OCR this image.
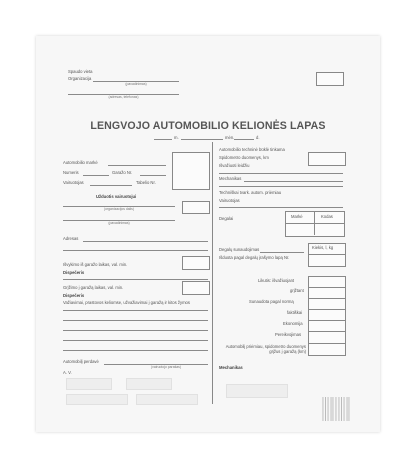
Spaudo vieta
Organizacija
(pavadinimas)
(adresas, telefonas)
LENGVOJO AUTOMOBILIO KELIONĖS LAPAS
m.	mėn.	d.
Automobilio markė
Numeris	Garažo Nr.
Vairuotojas	Tabelio Nr.
Užduotis vairuotojui
(organizacijos dalis)
(pavadinimas)
Adresas
Išvykimo iš garažo laikas, val. min.
Dispečeris
Grįžimo į garažą laikas, val. min.
Dispečeris
Važiavimai, prastovos keliomse, užvažiavimai į garažą ir kitos žymos
Automobilį perdavė
(vairuotojo parašas)
A. V.
Automobilio techninė būklė tinkama
Spidometro duomenys, km
Išvažiuoti leidžiu
Mechanikas
Techniškai tvark. autom. priėmiau
Vairuotojas
Degalai	Markė	Kodas
Degalų sunaudojimas	Kiekis, l, kg
Išduota pagal degalų įrašymo lapą Nr.
Likutis: išvažiuojant
grįžtant
Sunaudota pagal normą
faktiškai
Ekonomija
Pereikvojimas
Automobilį priėmiau, spidometro duomenys grįžus į garažą (km)
Mechanikas
